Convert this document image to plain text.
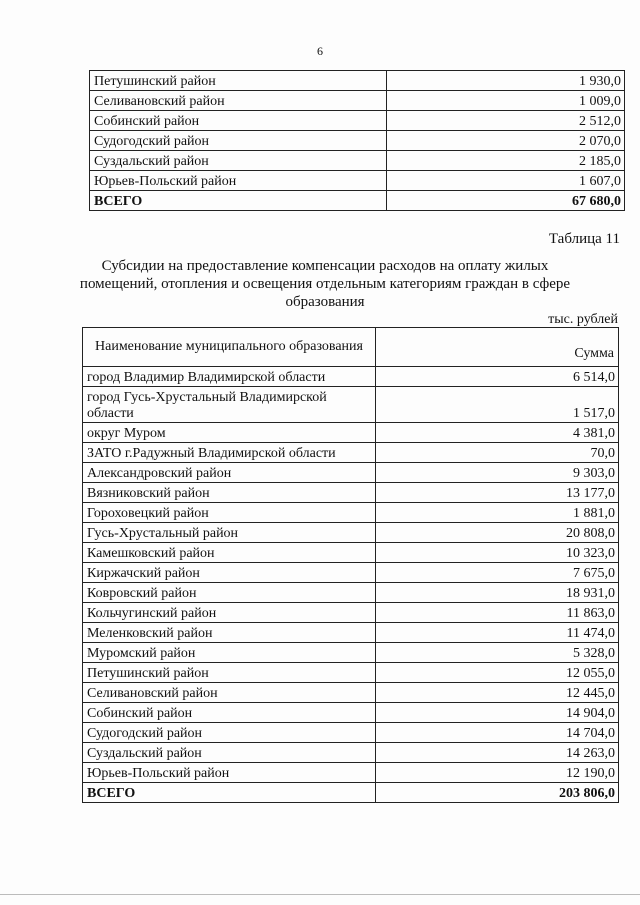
6
Петушинский район	1 930,0
Селивановский район	1 009,0
Собинский район	2 512,0
Судогодский район	2 070,0
Суздальский район	2 185,0
Юрьев-Польский район	1 607,0
ВСЕГО	67 680,0
Таблица 11
Субсидии на предоставление компенсации расходов на оплату жилых помещений, отопления и освещения отдельным категориям граждан в сфере образования
тыс. рублей
Наименование муниципального образования	Сумма
город Владимир Владимирской области	6 514,0
город Гусь-Хрустальный Владимирской области	1 517,0
округ Муром	4 381,0
ЗАТО г.Радужный Владимирской области	70,0
Александровский район	9 303,0
Вязниковский район	13 177,0
Гороховецкий район	1 881,0
Гусь-Хрустальный район	20 808,0
Камешковский район	10 323,0
Киржачский район	7 675,0
Ковровский район	18 931,0
Кольчугинский район	11 863,0
Меленковский район	11 474,0
Муромский район	5 328,0
Петушинский район	12 055,0
Селивановский район	12 445,0
Собинский район	14 904,0
Судогодский район	14 704,0
Суздальский район	14 263,0
Юрьев-Польский район	12 190,0
ВСЕГО	203 806,0
